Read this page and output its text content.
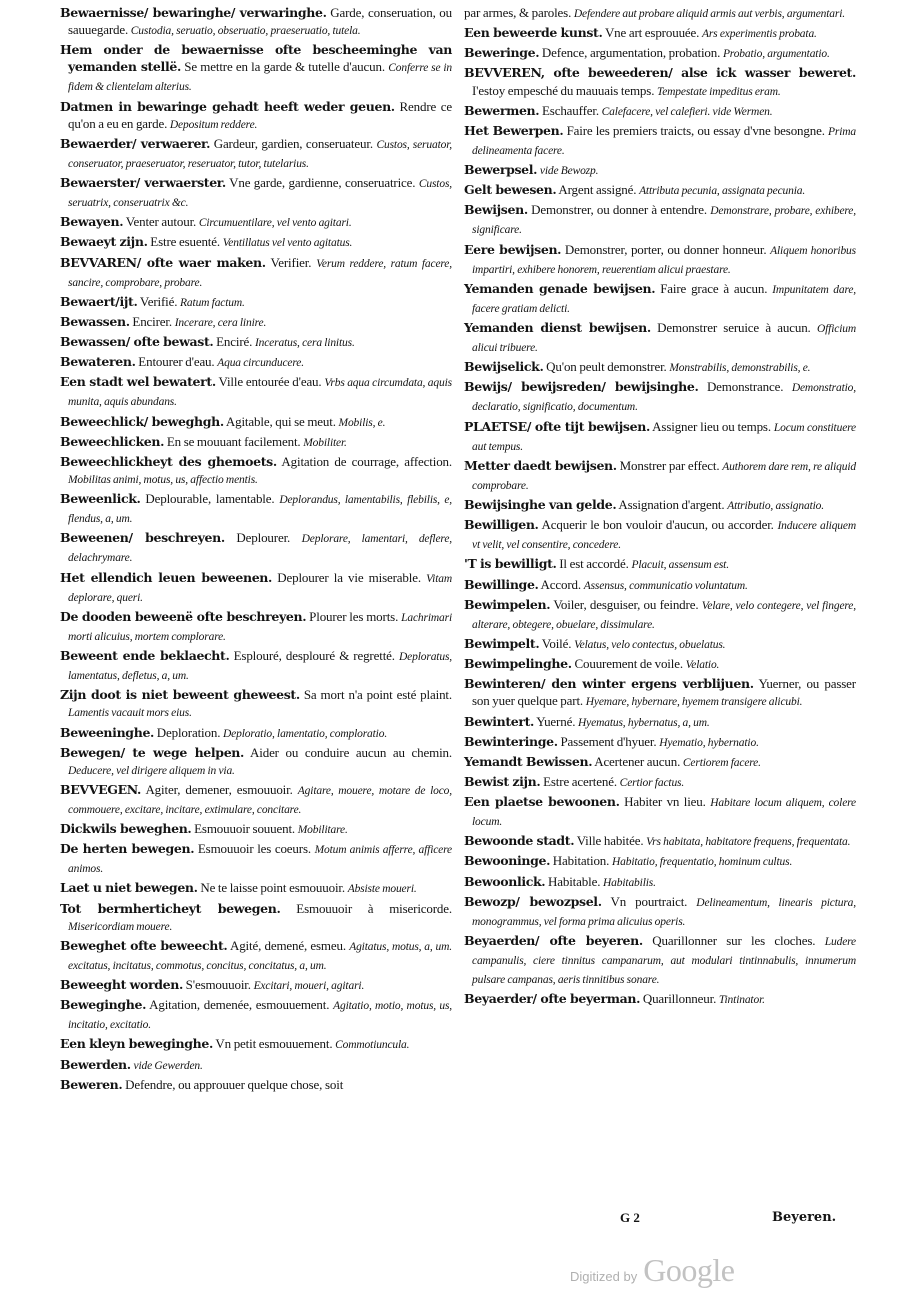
Bewaernisse/ bewaringhe/ verwaringhe. Garde, conseruation, ou sauuegarde. Custodia, seruatio, obseruatio, praeseruatio, tutela.

Hem onder de bewaernisse ofte bescheeminghe van yemanden stellë. Se mettre en la garde & tutelle d'aucun. Conferre se in fidem & clientelam alterius.

Datmen in bewaringe gehadt heeft weder geuen. Rendre ce qu'on a eu en garde. Depositum reddere.

Bewaerder/ verwaerer. Gardeur, gardien, conseruateur. Custos, seruator, conseruator, praeseruator, reseruator, tutor, tutelarius.

Bewaerster/ verwaerster. Vne garde, gardienne, conseruatrice. Custos, seruatrix, conseruatrix &c.

Bewayen. Venter autour. Circumuentilare, vel vento agitari.

Bewaeyt zijn. Estre esuenté. Ventillatus vel vento agitatus.

BEVVAREN/ ofte waer maken. Verifier. Verum reddere, ratum facere, sancire, comprobare, probare.

Bewaert/ijt. Verifié. Ratum factum.

Bewassen. Encirer. Incerare, cera linire.

Bewassen/ ofte bewast. Enciré. Inceratus, cera linitus.

Bewateren. Entourer d'eau. Aqua circunducere.

Een stadt wel bewatert. Ville entourée d'eau. Vrbs aqua circumdata, aquis munita, aquis abundans.

Beweechlick/ beweghgh. Agitable, qui se meut. Mobilis, e.

Beweechlicken. En se mouuant facilement. Mobiliter.

Beweechlickheyt des ghemoets. Agitation de courrage, affection. Mobilitas animi, motus, us, affectio mentis.

Beweenlick. Deplourable, lamentable. Deplorandus, lamentabilis, flebilis, e, flendus, a, um.

Beweenen/ beschreyen. Deplourer. Deplorare, lamentari, deflere, delachrymare.

Het ellendich leuen beweenen. Deplourer la vie miserable. Vitam deplorare, queri.

De dooden beweenë ofte beschreyen. Plourer les morts. Lachrimari morti alicuius, mortem complorare.

Beweent ende beklaecht. Esplouré, desplouré & regretté. Deploratus, lamentatus, defletus, a, um.

Zijn doot is niet beweent gheweest. Sa mort n'a point esté plaint. Lamentis vacauit mors eius.

Beweeninghe. Deploration. Deploratio, lamentatio, comploratio.

Bewegen/ te wege helpen. Aider ou conduire aucun au chemin. Deducere, vel dirigere aliquem in via.

BEVVEGEN. Agiter, demener, esmouuoir. Agitare, mouere, motare de loco, commouere, excitare, incitare, extimulare, concitare.

Dickwils beweghen. Esmouuoir souuent. Mobilitare.

De herten bewegen. Esmouuoir les coeurs. Motum animis afferre, afficere animos.

Laet u niet bewegen. Ne te laisse point esmouuoir. Absiste moueri.

Tot bermherticheyt bewegen. Esmouuoir à misericorde. Misericordiam mouere.

Beweghet ofte beweecht. Agité, demené, esmeu. Agitatus, motus, a, um. excitatus, incitatus, commotus, concitus, concitatus, a, um.

Beweeght worden. S'esmouuoir. Excitari, moueri, agitari.

Beweginghe. Agitation, demenée, esmouuement. Agitatio, motio, motus, us, incitatio, excitatio.

Een kleyn beweginghe. Vn petit esmouuement. Commotiuncula.

Bewerden. vide Gewerden.

Beweren. Defendre, ou approuuer quelque chose, soit

par armes, & paroles. Defendere aut probare aliquid armis aut verbis, argumentari.

Een beweerde kunst. Vne art esprouuée. Ars experimentis probata.

Beweringe. Defence, argumentation, probation. Probatio, argumentatio.

BEVVEREN, ofte beweederen/ alse ick wasser beweret. I'estoy empesché du mauuais temps. Tempestate impeditus eram.

Bewermen. Eschauffer. Calefacere, vel calefieri. vide Wermen.

Het Bewerpen. Faire les premiers traicts, ou essay d'vne besongne. Prima delineamenta facere.

Bewerpsel. vide Bewozp.

Gelt bewesen. Argent assigné. Attributa pecunia, assignata pecunia.

Bewijsen. Demonstrer, ou donner à entendre. Demonstrare, probare, exhibere, significare.

Eere bewijsen. Demonstrer, porter, ou donner honneur. Aliquem honoribus impartiri, exhibere honorem, reuerentiam alicui praestare.

Yemanden genade bewijsen. Faire grace à aucun. Impunitatem dare, facere gratiam delicti.

Yemanden dienst bewijsen. Demonstrer seruice à aucun. Officium alicui tribuere.

Bewijselick. Qu'on peult demonstrer. Monstrabilis, demonstrabilis, e.

Bewijs/ bewijsreden/ bewijsinghe. Demonstrance. Demonstratio, declaratio, significatio, documentum.

PLAETSE/ ofte tijt bewijsen. Assigner lieu ou temps. Locum constituere aut tempus.

Metter daedt bewijsen. Monstrer par effect. Authorem dare rem, re aliquid comprobare.

Bewijsinghe van gelde. Assignation d'argent. Attributio, assignatio.

Bewilligen. Acquerir le bon vouloir d'aucun, ou accorder. Inducere aliquem vt velit, vel consentire, concedere.

'T is bewilligt. Il est accordé. Placuit, assensum est.

Bewillinge. Accord. Assensus, communicatio voluntatum.

Bewimpelen. Voiler, desguiser, ou feindre. Velare, velo contegere, vel fingere, alterare, obtegere, obuelare, dissimulare.

Bewimpelt. Voilé. Velatus, velo contectus, obuelatus.

Bewimpelinghe. Couurement de voile. Velatio.

Bewinteren/ den winter ergens verblijuen. Yuerner, ou passer son yuer quelque part. Hyemare, hybernare, hyemem transigere alicubi.

Bewintert. Yuerné. Hyematus, hybernatus, a, um.

Bewinteringe. Passement d'hyuer. Hyematio, hybernatio.

Yemandt Bewissen. Acertener aucun. Certiorem facere.

Bewist zijn. Estre acertené. Certior factus.

Een plaetse bewoonen. Habiter vn lieu. Habitare locum aliquem, colere locum.

Bewoonde stadt. Ville habitée. Vrs habitata, habitatore frequens, frequentata.

Bewooninge. Habitation. Habitatio, frequentatio, hominum cultus.

Bewoonlick. Habitable. Habitabilis.

Bewozp/ bewozpsel. Vn pourtraict. Delineamentum, linearis pictura, monogrammus, vel forma prima alicuius operis.

Beyaerden/ ofte beyeren. Quarillonner sur les cloches. Ludere campanulis, ciere tinnitus campanarum, aut modulari tintinnabulis, innumerum pulsare campanas, aeris tinnitibus sonare.

Beyaerder/ ofte beyerman. Quarillonneur. Tintinator.

G 2	Beyeren.
Digitized by Google
